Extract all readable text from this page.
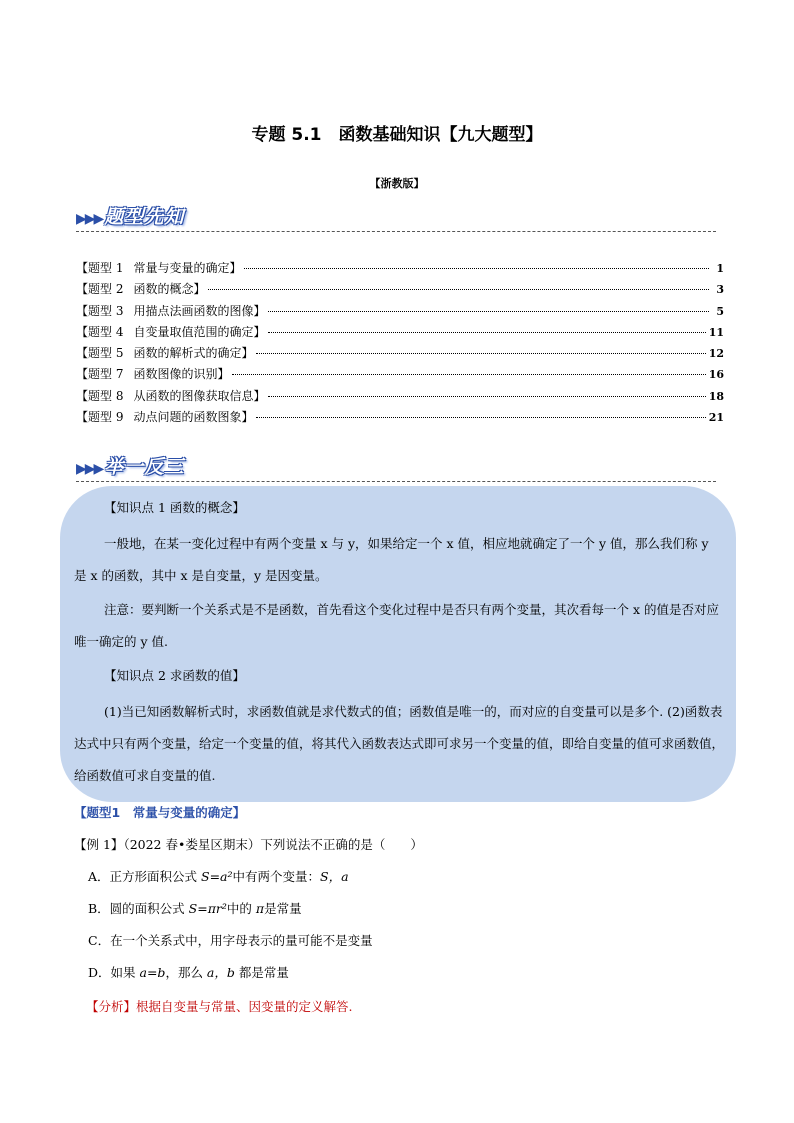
专题 5.1　函数基础知识【九大题型】
【浙教版】
▶▶▶ 题型先知
【题型 1 常量与变量的确定】	1
【题型 2 函数的概念】	3
【题型 3 用描点法画函数的图像】	5
【题型 4 自变量取值范围的确定】	11
【题型 5 函数的解析式的确定】	12
【题型 7 函数图像的识别】	16
【题型 8 从函数的图像获取信息】	18
【题型 9 动点问题的函数图象】	21
▶▶▶ 举一反三

【知识点 1 函数的概念】

一般地，在某一变化过程中有两个变量 x 与 y，如果给定一个 x 值，相应地就确定了一个 y 值，那么我们称 y 是 x 的函数，其中 x 是自变量，y 是因变量。

注意：要判断一个关系式是不是函数，首先看这个变化过程中是否只有两个变量，其次看每一个 x 的值是否对应唯一确定的 y 值.

【知识点 2 求函数的值】

(1)当已知函数解析式时，求函数值就是求代数式的值；函数值是唯一的，而对应的自变量可以是多个. (2)函数表达式中只有两个变量，给定一个变量的值，将其代入函数表达式即可求另一个变量的值，即给自变量的值可求函数值，给函数值可求自变量的值.

【题型1　常量与变量的确定】
【例 1】（2022 春•娄星区期末）下列说法不正确的是（　　）
A．正方形面积公式 S=a²中有两个变量：S，a
B．圆的面积公式 S=πr²中的 π是常量
C．在一个关系式中，用字母表示的量可能不是变量
D．如果 a=b，那么 a，b 都是常量
【分析】根据自变量与常量、因变量的定义解答.
